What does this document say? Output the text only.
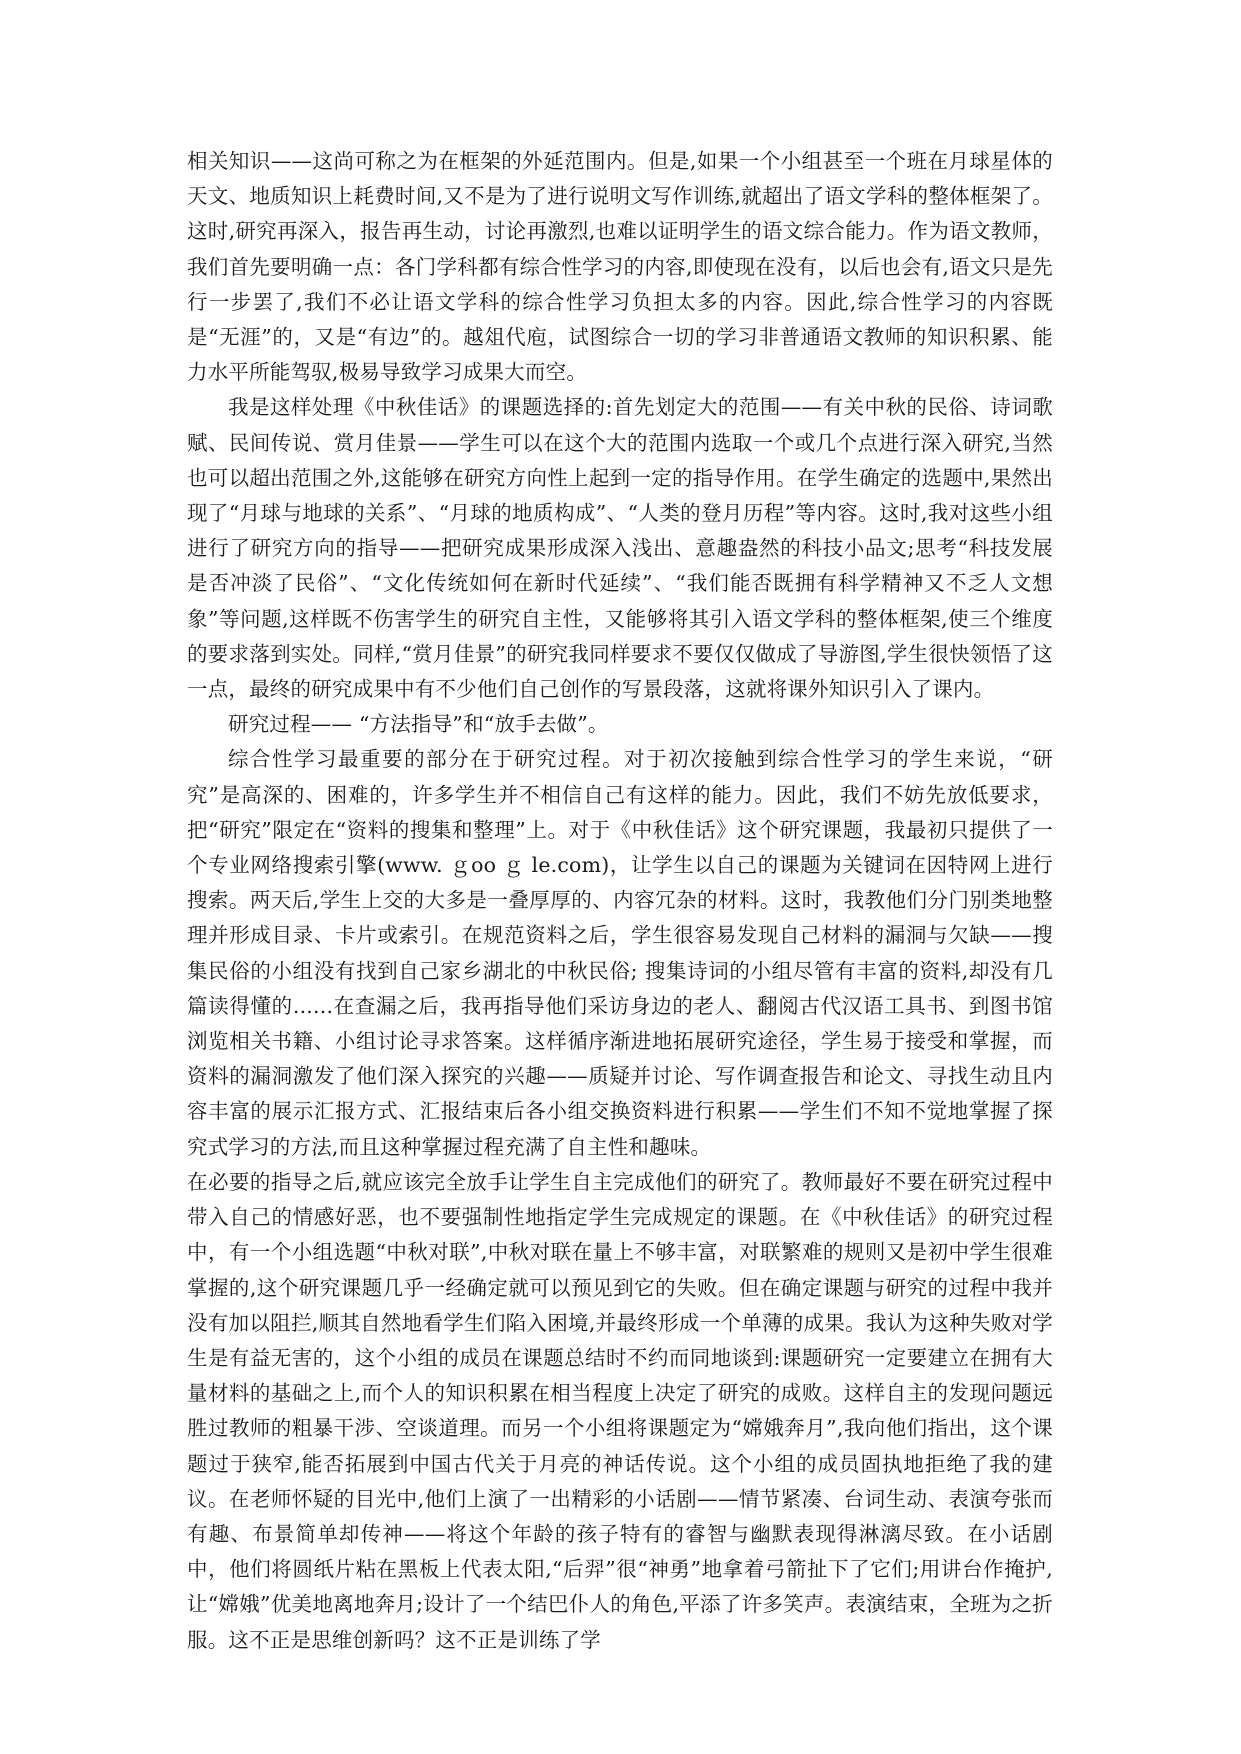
相关知识——这尚可称之为在框架的外延范围内。但是,如果一个小组甚至一个班在月球星体的天文、地质知识上耗费时间,又不是为了进行说明文写作训练,就超出了语文学科的整体框架了。这时,研究再深入，报告再生动，讨论再激烈,也难以证明学生的语文综合能力。作为语文教师，我们首先要明确一点：各门学科都有综合性学习的内容,即使现在没有，以后也会有,语文只是先行一步罢了,我们不必让语文学科的综合性学习负担太多的内容。因此,综合性学习的内容既是“无涯”的，又是“有边”的。越俎代庖，试图综合一切的学习非普通语文教师的知识积累、能力水平所能驾驭,极易导致学习成果大而空。

我是这样处理《中秋佳话》的课题选择的:首先划定大的范围——有关中秋的民俗、诗词歌赋、民间传说、赏月佳景——学生可以在这个大的范围内选取一个或几个点进行深入研究,当然也可以超出范围之外,这能够在研究方向性上起到一定的指导作用。在学生确定的选题中,果然出现了“月球与地球的关系”、“月球的地质构成”、“人类的登月历程”等内容。这时,我对这些小组进行了研究方向的指导——把研究成果形成深入浅出、意趣盎然的科技小品文;思考“科技发展是否冲淡了民俗”、“文化传统如何在新时代延续”、“我们能否既拥有科学精神又不乏人文想象”等问题,这样既不伤害学生的研究自主性，又能够将其引入语文学科的整体框架,使三个维度的要求落到实处。同样,“赏月佳景”的研究我同样要求不要仅仅做成了导游图,学生很快领悟了这一点，最终的研究成果中有不少他们自己创作的写景段落，这就将课外知识引入了课内。

研究过程—— “方法指导”和“放手去做”。

综合性学习最重要的部分在于研究过程。对于初次接触到综合性学习的学生来说，“研究”是高深的、困难的，许多学生并不相信自己有这样的能力。因此，我们不妨先放低要求，把“研究”限定在“资料的搜集和整理”上。对于《中秋佳话》这个研究课题，我最初只提供了一个专业网络搜索引擎(www. ｇoo ｇ le.com)，让学生以自己的课题为关键词在因特网上进行搜索。两天后,学生上交的大多是一叠厚厚的、内容冗杂的材料。这时，我教他们分门别类地整理并形成目录、卡片或索引。在规范资料之后，学生很容易发现自己材料的漏洞与欠缺——搜集民俗的小组没有找到自己家乡湖北的中秋民俗; 搜集诗词的小组尽管有丰富的资料,却没有几篇读得懂的......在查漏之后，我再指导他们采访身边的老人、翻阅古代汉语工具书、到图书馆浏览相关书籍、小组讨论寻求答案。这样循序渐进地拓展研究途径，学生易于接受和掌握，而资料的漏洞激发了他们深入探究的兴趣——质疑并讨论、写作调查报告和论文、寻找生动且内容丰富的展示汇报方式、汇报结束后各小组交换资料进行积累——学生们不知不觉地掌握了探究式学习的方法,而且这种掌握过程充满了自主性和趣味。

在必要的指导之后,就应该完全放手让学生自主完成他们的研究了。教师最好不要在研究过程中带入自己的情感好恶，也不要强制性地指定学生完成规定的课题。在《中秋佳话》的研究过程中，有一个小组选题“中秋对联”,中秋对联在量上不够丰富，对联繁难的规则又是初中学生很难掌握的,这个研究课题几乎一经确定就可以预见到它的失败。但在确定课题与研究的过程中我并没有加以阻拦,顺其自然地看学生们陷入困境,并最终形成一个单薄的成果。我认为这种失败对学生是有益无害的，这个小组的成员在课题总结时不约而同地谈到:课题研究一定要建立在拥有大量材料的基础之上,而个人的知识积累在相当程度上决定了研究的成败。这样自主的发现问题远胜过教师的粗暴干涉、空谈道理。而另一个小组将课题定为“嫦娥奔月”,我向他们指出，这个课题过于狭窄,能否拓展到中国古代关于月亮的神话传说。这个小组的成员固执地拒绝了我的建议。在老师怀疑的目光中,他们上演了一出精彩的小话剧——情节紧凑、台词生动、表演夸张而有趣、布景简单却传神——将这个年龄的孩子特有的睿智与幽默表现得淋漓尽致。在小话剧中，他们将圆纸片粘在黑板上代表太阳,“后羿”很“神勇”地拿着弓箭扯下了它们;用讲台作掩护,让“嫦娥”优美地离地奔月;设计了一个结巴仆人的角色,平添了许多笑声。表演结束，全班为之折服。这不正是思维创新吗？这不正是训练了学
